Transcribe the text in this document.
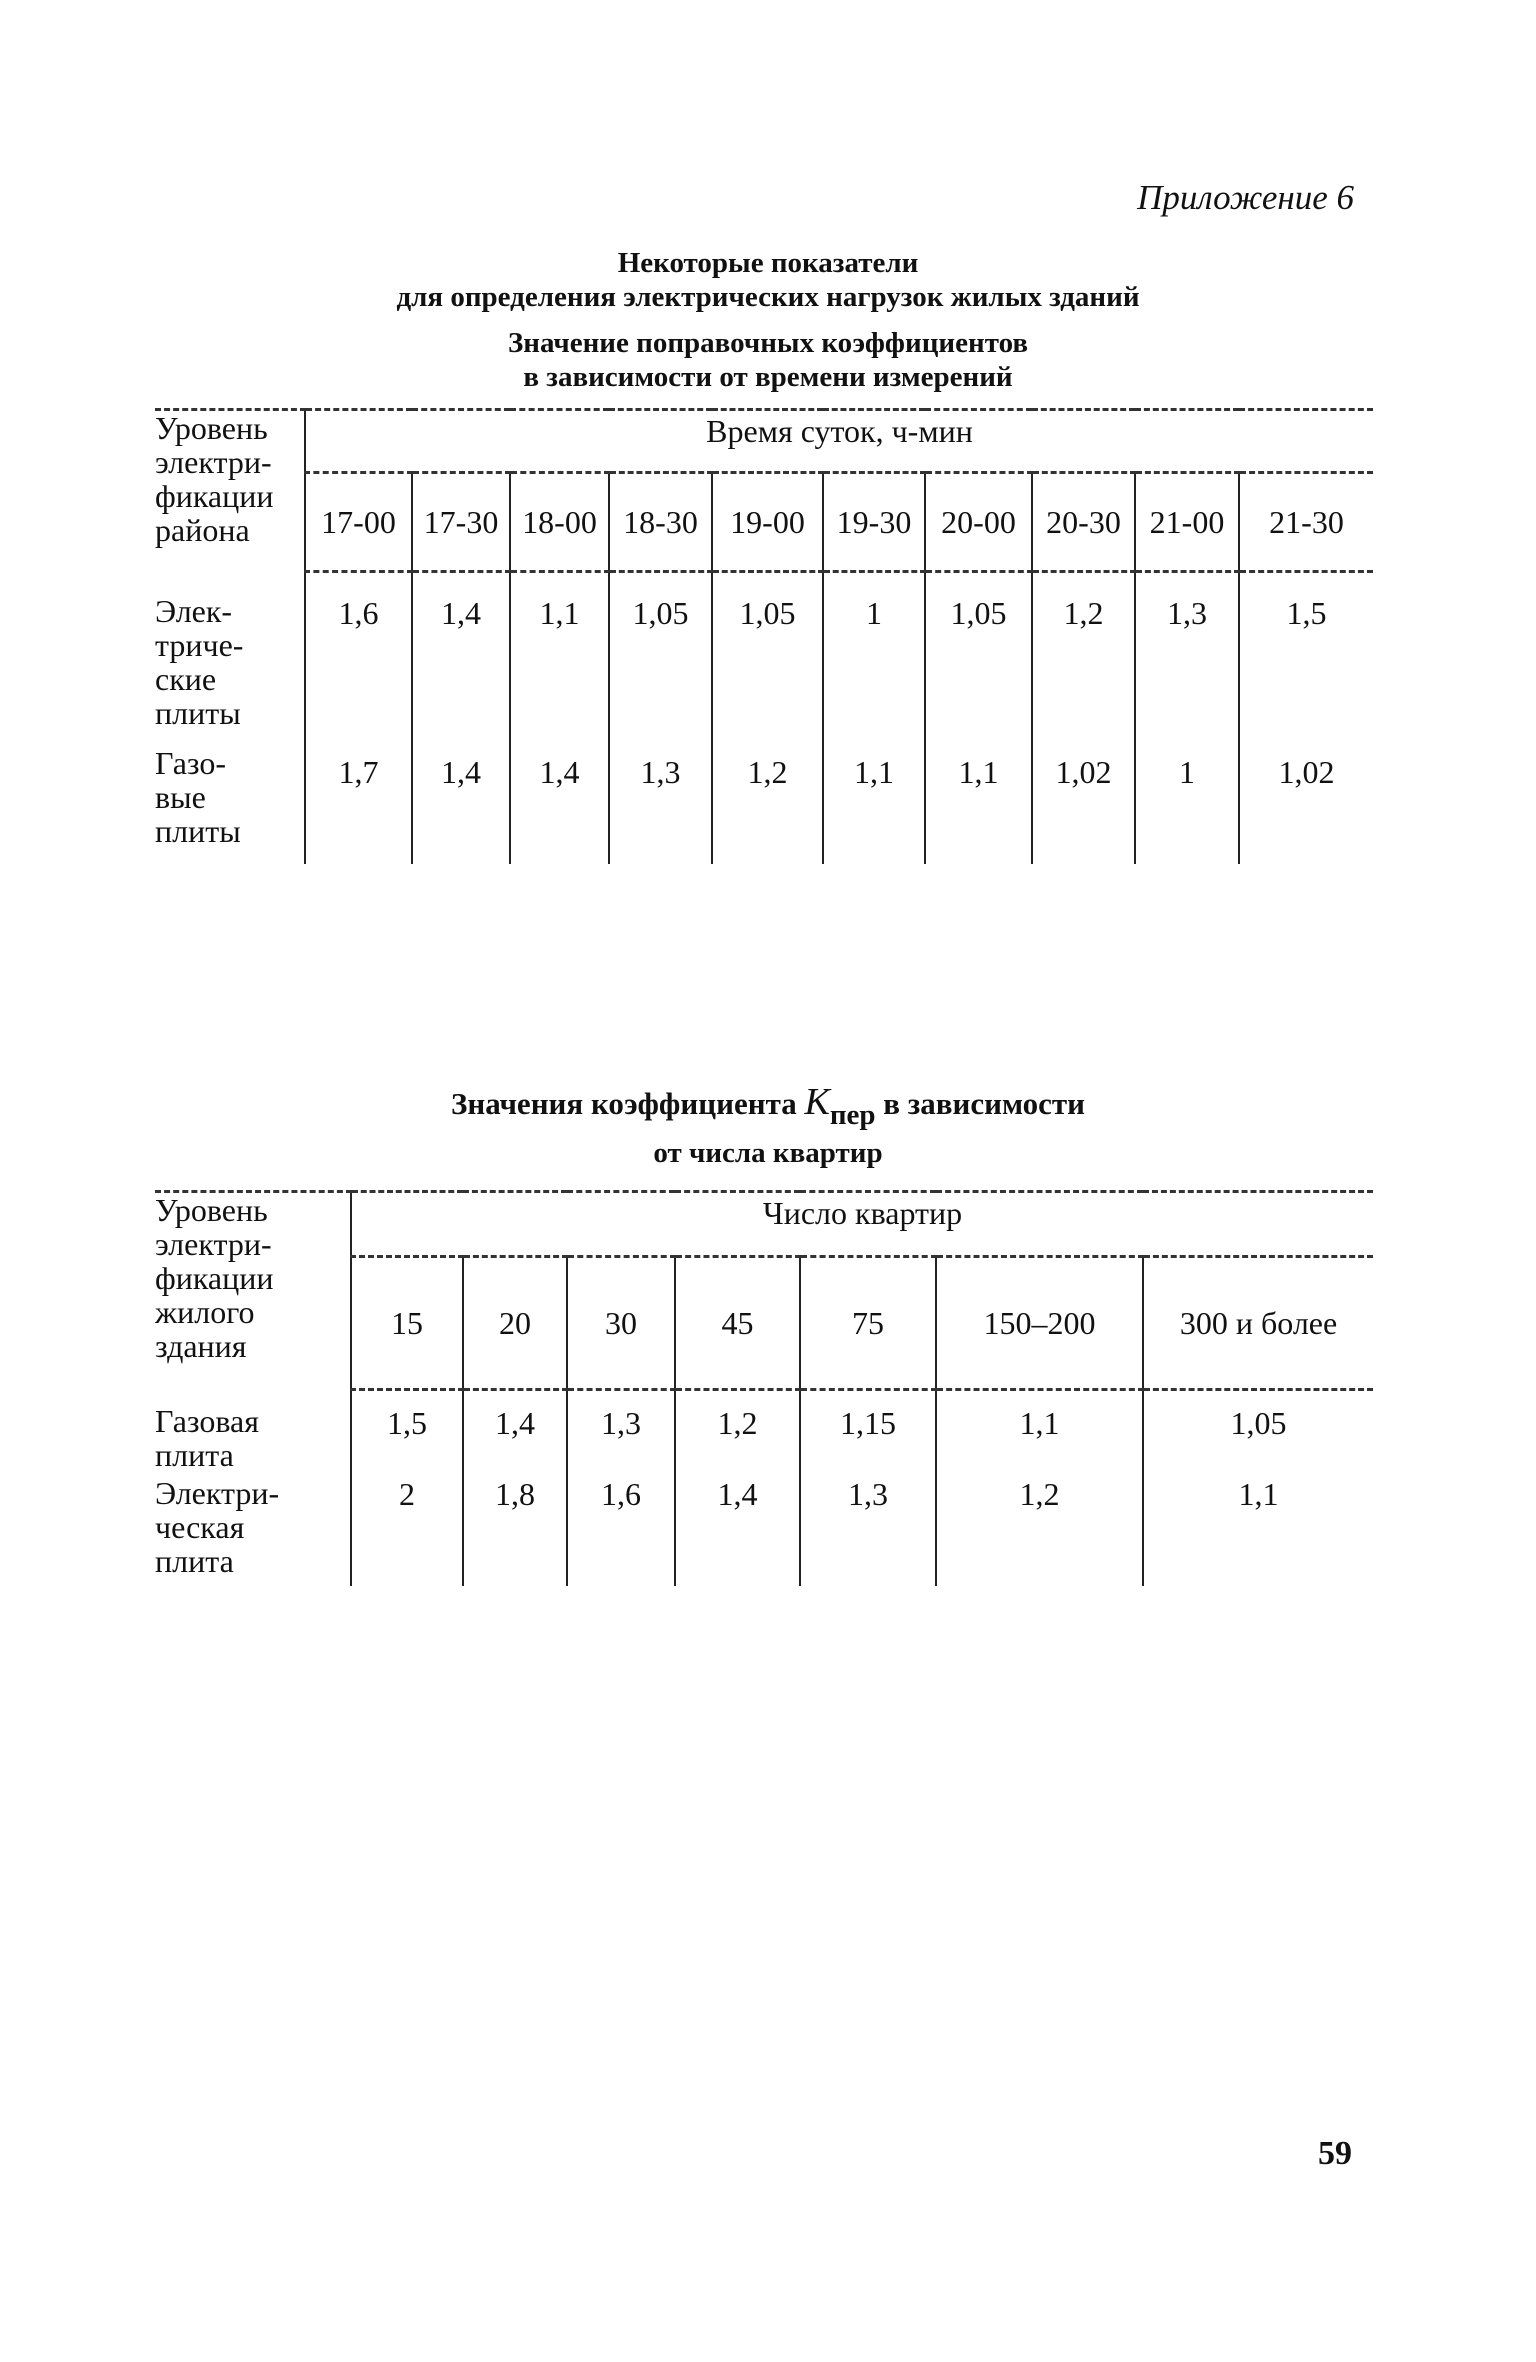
Приложение 6
Некоторые показатели
для определения электрических нагрузок жилых зданий
Значение поправочных коэффициентов
в зависимости от времени измерений
Уровень
электри-
фикации
района	Время суток, ч-мин									
	17-00	17-30	18-00	18-30	19-00	19-30	20-00	20-30	21-00	21-30

Элек-
триче-
ские
плиты	1,6	1,4	1,1	1,05	1,05	1	1,05	1,2	1,3	1,5

Газо-
вые
плиты	1,7	1,4	1,4	1,3	1,2	1,1	1,1	1,02	1	1,02
Значения коэффициента $K_{пер}$ в зависимости
от числа квартир
Уровень
электри-
фикации
жилого
здания	Число квартир						
	15	20	30	45	75	150–200	300 и более

Газовая
плита	1,5	1,4	1,3	1,2	1,15	1,1	1,05

Электри-
ческая
плита	2	1,8	1,6	1,4	1,3	1,2	1,1
59
